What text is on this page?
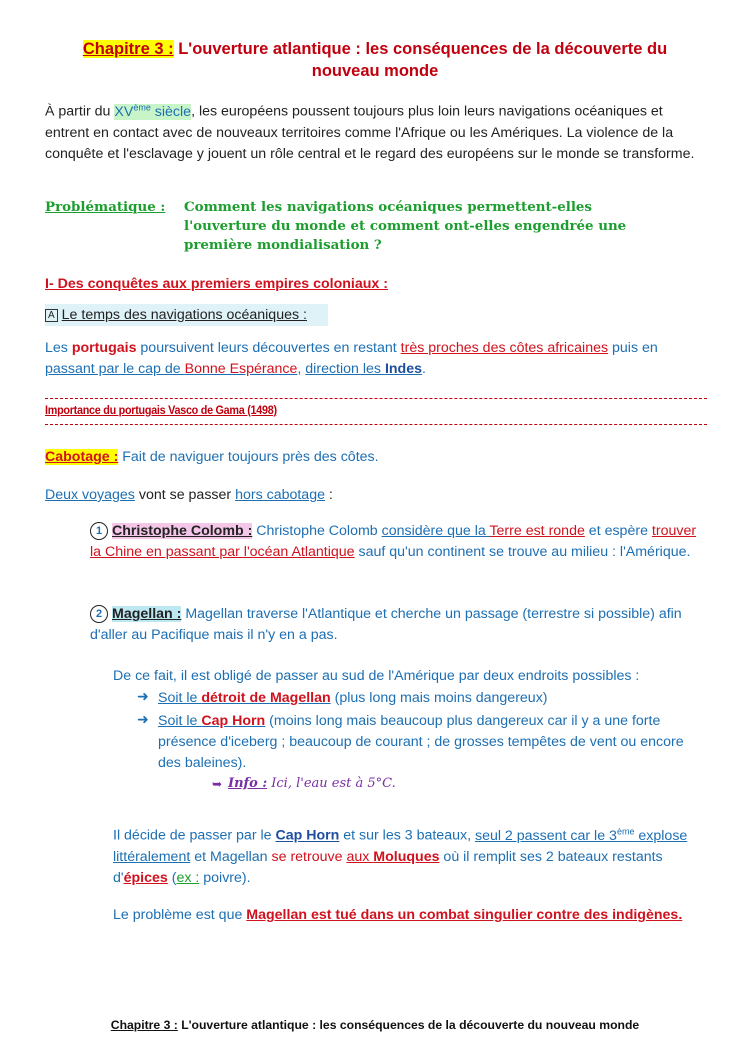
Chapitre 3 : L'ouverture atlantique : les conséquences de la découverte du
nouveau monde
À partir du XVème siècle, les européens poussent toujours plus loin leurs navigations océaniques et entrent en contact avec de nouveaux territoires comme l'Afrique ou les Amériques. La violence de la conquête et l'esclavage y jouent un rôle central et le regard des européens sur le monde se transforme.
Problématique : Comment les navigations océaniques permettent-elles l'ouverture du monde et comment ont-elles engendrée une première mondialisation ?
I- Des conquêtes aux premiers empires coloniaux :
A Le temps des navigations océaniques :
Les portugais poursuivent leurs découvertes en restant très proches des côtes africaines puis en passant par le cap de Bonne Espérance, direction les Indes.
Importance du portugais Vasco de Gama (1498)
Cabotage : Fait de naviguer toujours près des côtes.
Deux voyages vont se passer hors cabotage :
1 Christophe Colomb : Christophe Colomb considère que la Terre est ronde et espère trouver la Chine en passant par l'océan Atlantique sauf qu'un continent se trouve au milieu : l'Amérique.
2 Magellan : Magellan traverse l'Atlantique et cherche un passage (terrestre si possible) afin d'aller au Pacifique mais il n'y en a pas.
De ce fait, il est obligé de passer au sud de l'Amérique par deux endroits possibles :
➜ Soit le détroit de Magellan (plus long mais moins dangereux)
➜ Soit le Cap Horn (moins long mais beaucoup plus dangereux car il y a une forte présence d'iceberg ; beaucoup de courant ; de grosses tempêtes de vent ou encore des baleines).
➥ Info : Ici, l'eau est à 5°C.
Il décide de passer par le Cap Horn et sur les 3 bateaux, seul 2 passent car le 3ème explose littéralement et Magellan se retrouve aux Moluques où il remplit ses 2 bateaux restants d'épices (ex : poivre).
Le problème est que Magellan est tué dans un combat singulier contre des indigènes.
Chapitre 3 : L'ouverture atlantique : les conséquences de la découverte du nouveau monde
